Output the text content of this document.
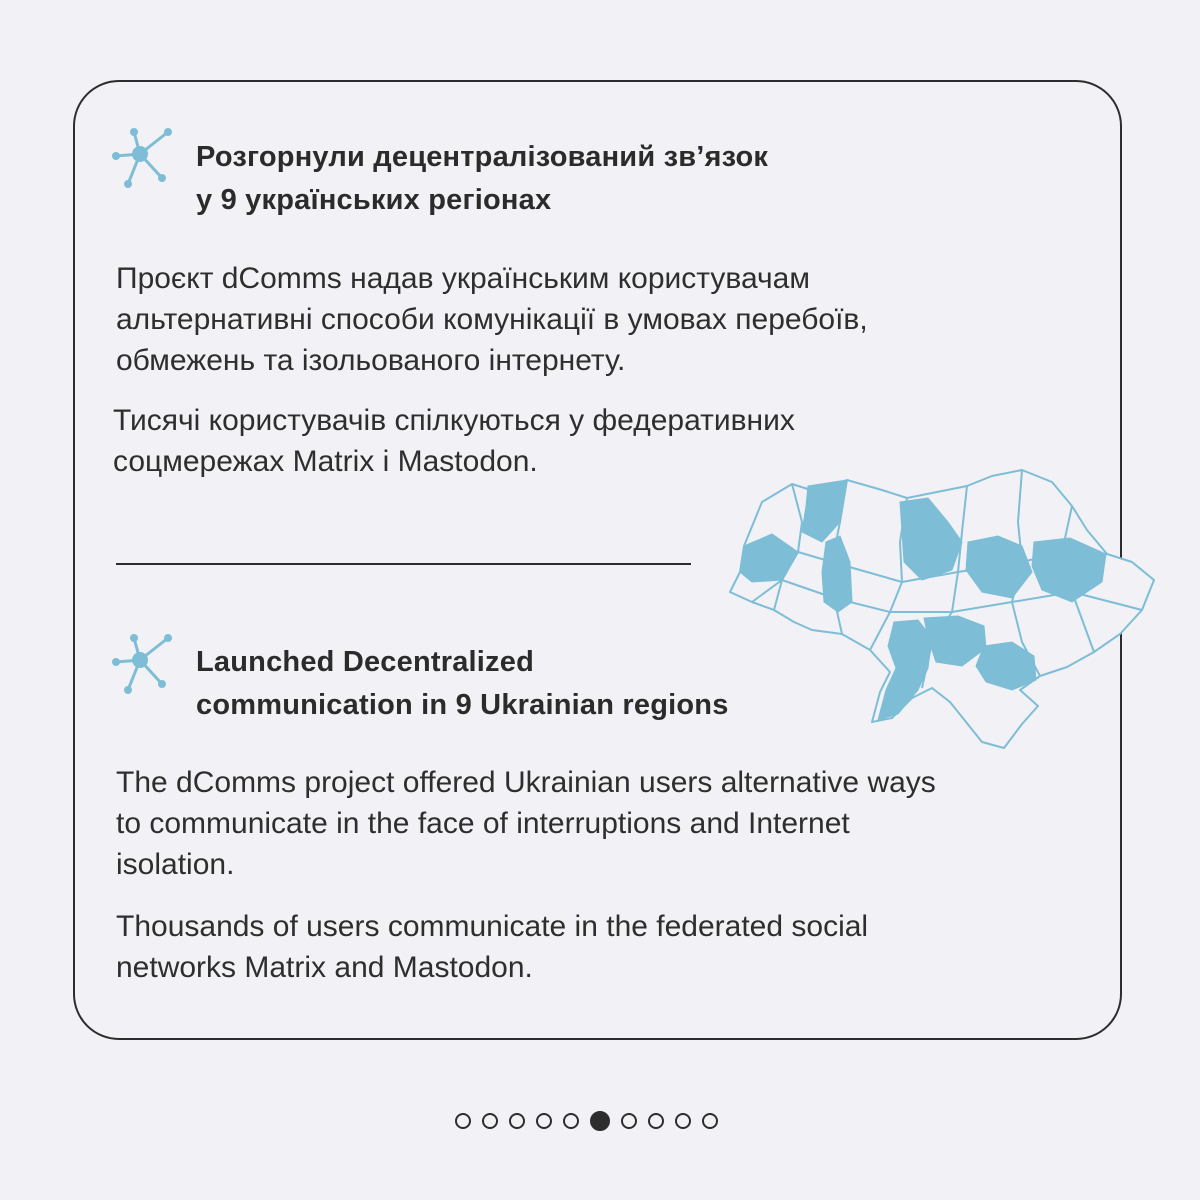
Розгорнули децентралізований зв’язок
у 9 українських регіонах

Проєкт dComms надав українським користувачам
альтернативні способи комунікації в умовах перебоїв,
обмежень та ізольованого інтернету.

Тисячі користувачів спілкуються у федеративних
соцмережах Matrix і Mastodon.

Launched Decentralized
communication in 9 Ukrainian regions

The dComms project offered Ukrainian users alternative ways
to communicate in the face of interruptions and Internet
isolation.

Thousands of users communicate in the federated social
networks Matrix and Mastodon.
